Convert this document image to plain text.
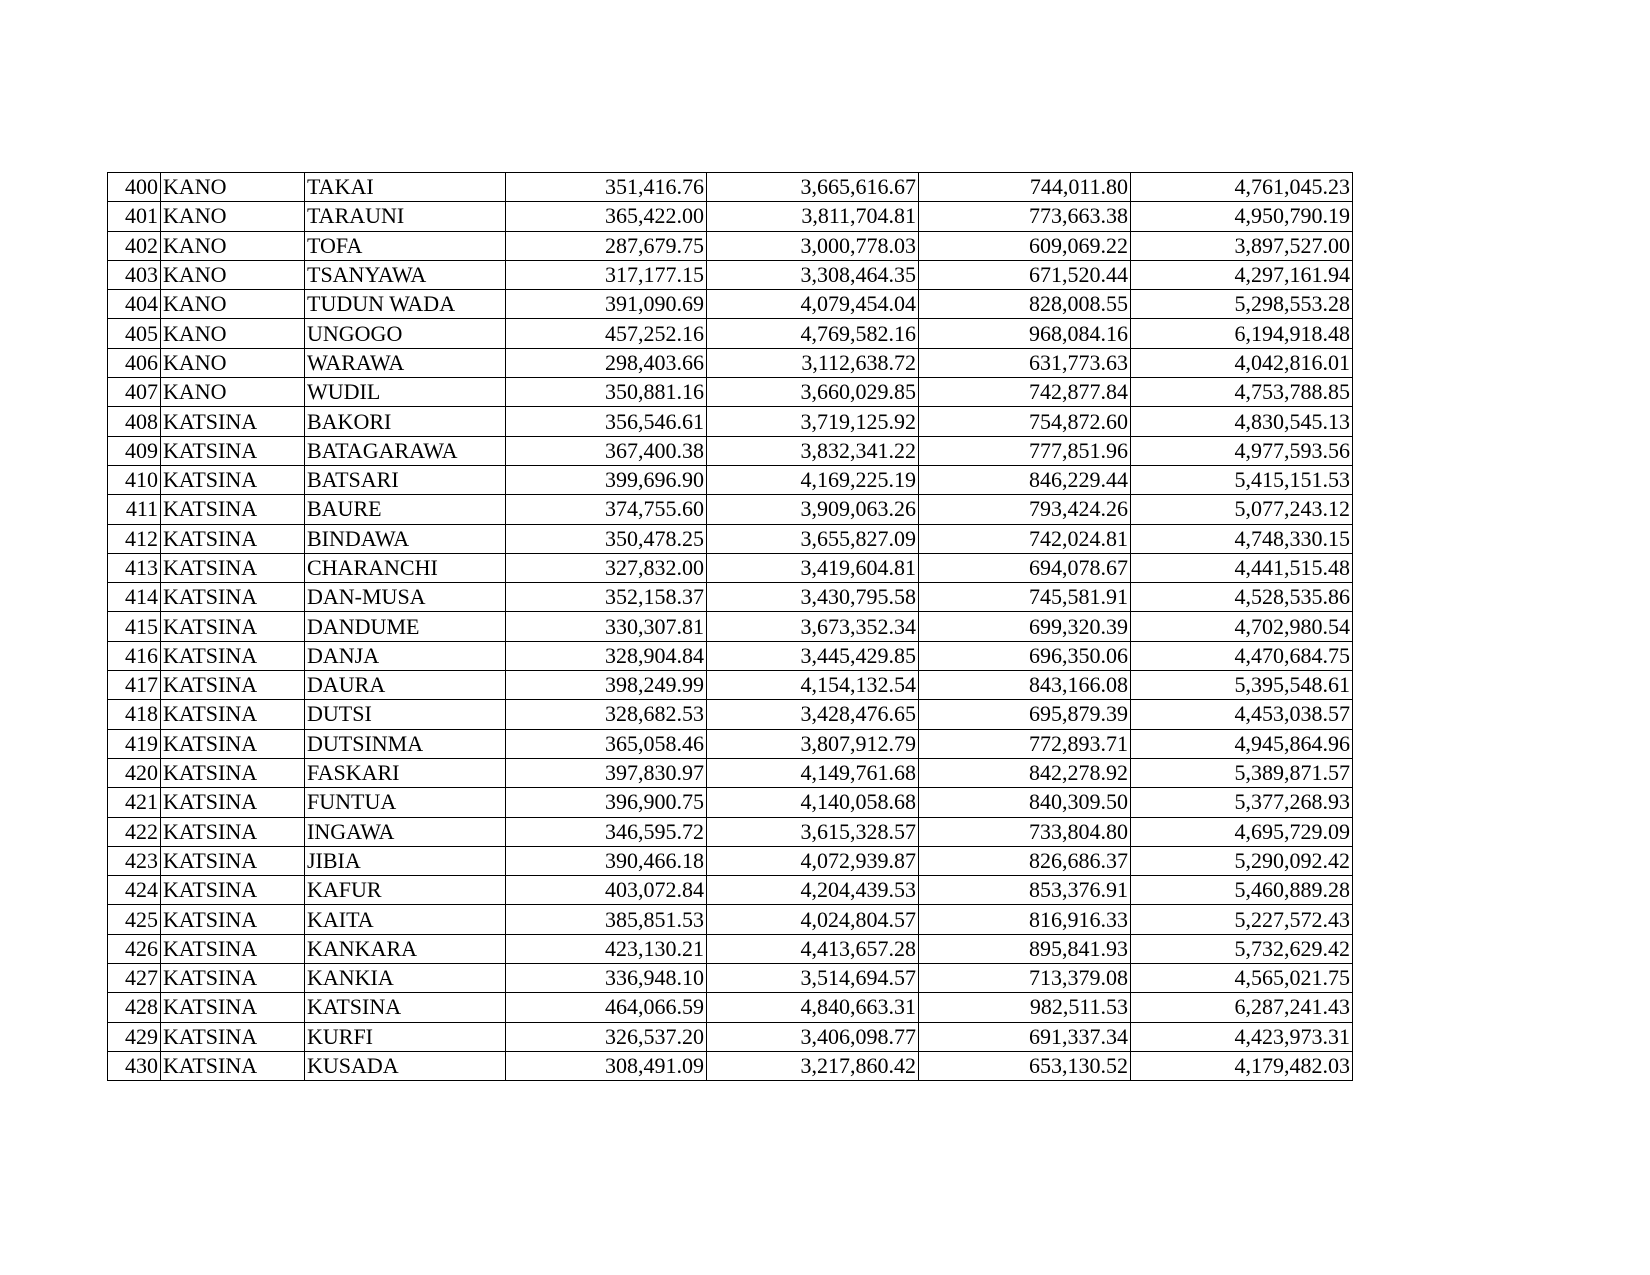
400	KANO	TAKAI	351,416.76	3,665,616.67	744,011.80	4,761,045.23
401	KANO	TARAUNI	365,422.00	3,811,704.81	773,663.38	4,950,790.19
402	KANO	TOFA	287,679.75	3,000,778.03	609,069.22	3,897,527.00
403	KANO	TSANYAWA	317,177.15	3,308,464.35	671,520.44	4,297,161.94
404	KANO	TUDUN WADA	391,090.69	4,079,454.04	828,008.55	5,298,553.28
405	KANO	UNGOGO	457,252.16	4,769,582.16	968,084.16	6,194,918.48
406	KANO	WARAWA	298,403.66	3,112,638.72	631,773.63	4,042,816.01
407	KANO	WUDIL	350,881.16	3,660,029.85	742,877.84	4,753,788.85
408	KATSINA	BAKORI	356,546.61	3,719,125.92	754,872.60	4,830,545.13
409	KATSINA	BATAGARAWA	367,400.38	3,832,341.22	777,851.96	4,977,593.56
410	KATSINA	BATSARI	399,696.90	4,169,225.19	846,229.44	5,415,151.53
411	KATSINA	BAURE	374,755.60	3,909,063.26	793,424.26	5,077,243.12
412	KATSINA	BINDAWA	350,478.25	3,655,827.09	742,024.81	4,748,330.15
413	KATSINA	CHARANCHI	327,832.00	3,419,604.81	694,078.67	4,441,515.48
414	KATSINA	DAN-MUSA	352,158.37	3,430,795.58	745,581.91	4,528,535.86
415	KATSINA	DANDUME	330,307.81	3,673,352.34	699,320.39	4,702,980.54
416	KATSINA	DANJA	328,904.84	3,445,429.85	696,350.06	4,470,684.75
417	KATSINA	DAURA	398,249.99	4,154,132.54	843,166.08	5,395,548.61
418	KATSINA	DUTSI	328,682.53	3,428,476.65	695,879.39	4,453,038.57
419	KATSINA	DUTSINMA	365,058.46	3,807,912.79	772,893.71	4,945,864.96
420	KATSINA	FASKARI	397,830.97	4,149,761.68	842,278.92	5,389,871.57
421	KATSINA	FUNTUA	396,900.75	4,140,058.68	840,309.50	5,377,268.93
422	KATSINA	INGAWA	346,595.72	3,615,328.57	733,804.80	4,695,729.09
423	KATSINA	JIBIA	390,466.18	4,072,939.87	826,686.37	5,290,092.42
424	KATSINA	KAFUR	403,072.84	4,204,439.53	853,376.91	5,460,889.28
425	KATSINA	KAITA	385,851.53	4,024,804.57	816,916.33	5,227,572.43
426	KATSINA	KANKARA	423,130.21	4,413,657.28	895,841.93	5,732,629.42
427	KATSINA	KANKIA	336,948.10	3,514,694.57	713,379.08	4,565,021.75
428	KATSINA	KATSINA	464,066.59	4,840,663.31	982,511.53	6,287,241.43
429	KATSINA	KURFI	326,537.20	3,406,098.77	691,337.34	4,423,973.31
430	KATSINA	KUSADA	308,491.09	3,217,860.42	653,130.52	4,179,482.03
